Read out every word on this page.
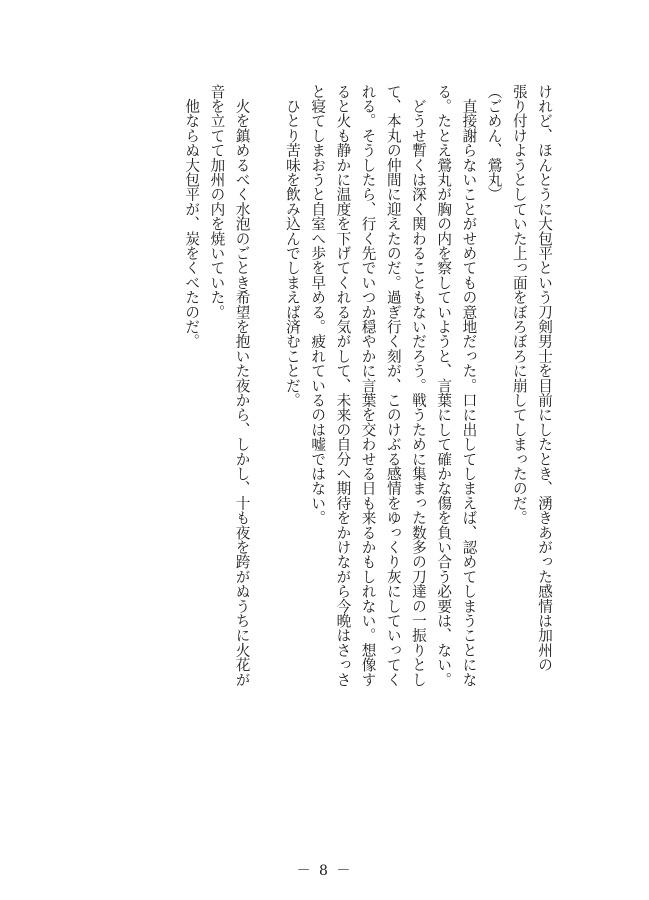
けれど、ほんとうに大包平という刀剣男士を目前にしたとき、湧きあがった感情は加州の

張り付けようとしていた上っ面をぼろぼろに崩してしまったのだ。

（ごめん、鶯丸）

　直接謝らないことがせめてもの意地だった。口に出してしまえば、認めてしまうことにな

る。たとえ鶯丸が胸の内を察していようと、言葉にして確かな傷を負い合う必要は、ない。

　どうせ暫くは深く関わることもないだろう。戦うために集まった数多の刀達の一振りとし

て、本丸の仲間に迎えたのだ。過ぎ行く刻が、このけぶる感情をゆっくり灰にしていってく

れる。そうしたら、行く先でいつか穏やかに言葉を交わせる日も来るかもしれない。想像す

ると火も静かに温度を下げてくれる気がして、未来の自分へ期待をかけながら今晩はさっさ

と寝てしまおうと自室へ歩を早める。疲れているのは嘘ではない。

　ひとり苦味を飲み込んでしまえば済むことだ。

　火を鎮めるべく水泡のごとき希望を抱いた夜から、しかし、十も夜を跨がぬうちに火花が

音を立てて加州の内を焼いていた。

　他ならぬ大包平が、炭をくべたのだ。

－ 8 －
